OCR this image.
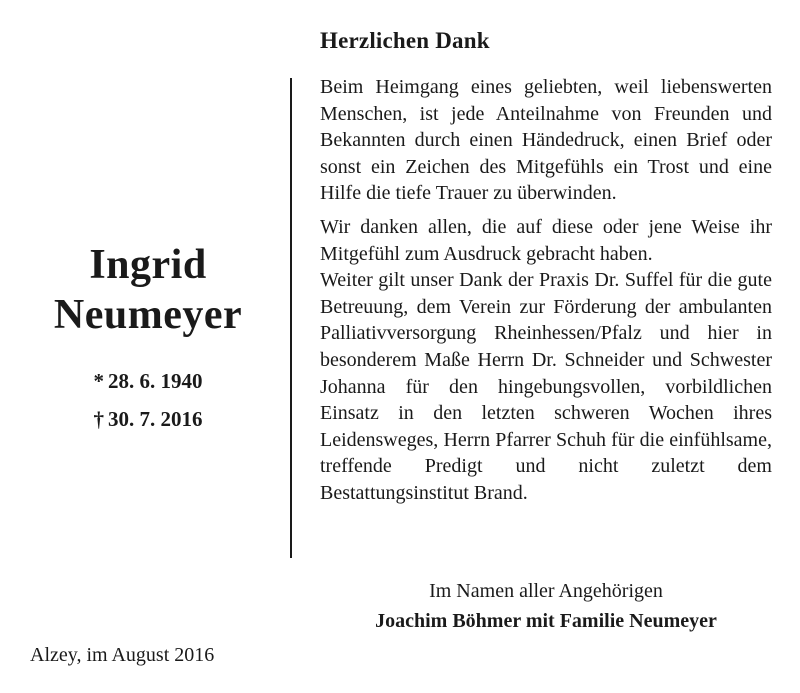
Herzlichen Dank
Ingrid
Neumeyer
* 28. 6. 1940
† 30. 7. 2016

Beim Heimgang eines geliebten, weil liebenswerten Menschen, ist jede Anteilnahme von Freunden und Bekannten durch einen Händedruck, einen Brief oder sonst ein Zeichen des Mitgefühls ein Trost und eine Hilfe die tiefe Trauer zu überwinden.

Wir danken allen, die auf diese oder jene Weise ihr Mitgefühl zum Ausdruck gebracht haben.

Weiter gilt unser Dank der Praxis Dr. Suffel für die gute Betreuung, dem Verein zur Förderung der ambulanten Palliativversorgung Rheinhessen/Pfalz und hier in besonderem Maße Herrn Dr. Schneider und Schwester Johanna für den hingebungsvollen, vorbildlichen Einsatz in den letzten schweren Wochen ihres Leidensweges, Herrn Pfarrer Schuh für die einfühlsame, treffende Predigt und nicht zuletzt dem Bestattungsinstitut Brand.

Im Namen aller Angehörigen
Joachim Böhmer mit Familie Neumeyer
Alzey, im August 2016
